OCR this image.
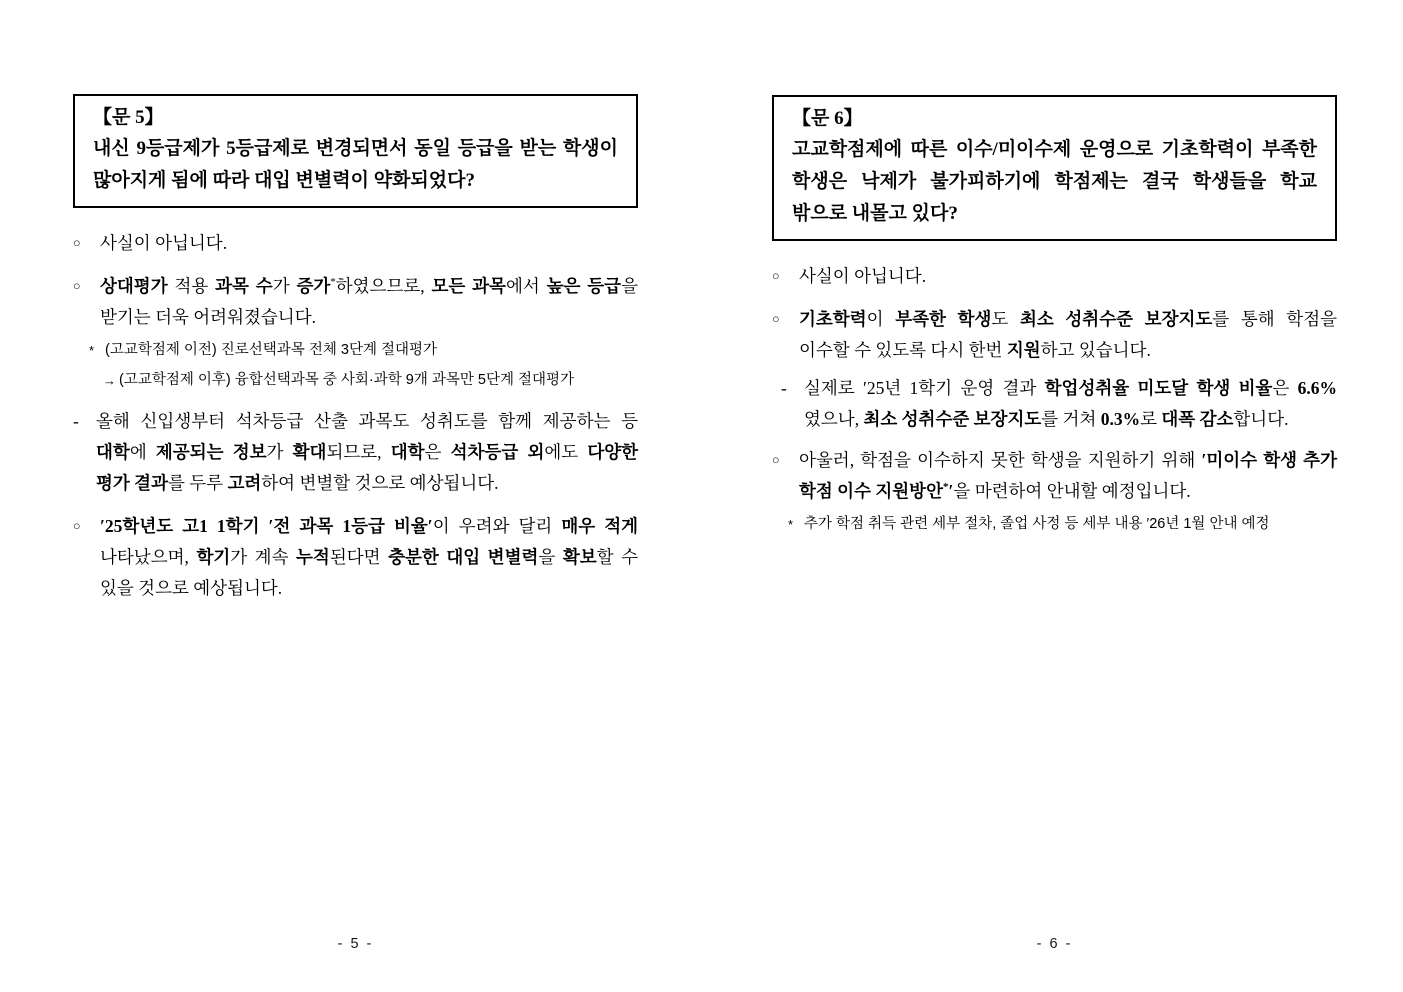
【문 5】
내신 9등급제가 5등급제로 변경되면서 동일 등급을 받는 학생이 많아지게 됨에 따라 대입 변별력이 약화되었다?
○	사실이 아닙니다.
○	상대평가 적용 과목 수가 증가*하였으므로, 모든 과목에서 높은 등급을 받기는 더욱 어려워졌습니다.
* (고교학점제 이전) 진로선택과목 전체 3단계 절대평가
→ (고교학점제 이후) 융합선택과목 중 사회·과학 9개 과목만 5단계 절대평가
- 올해 신입생부터 석차등급 산출 과목도 성취도를 함께 제공하는 등 대학에 제공되는 정보가 확대되므로, 대학은 석차등급 외에도 다양한 평가 결과를 두루 고려하여 변별할 것으로 예상됩니다.
○	′25학년도 고1 1학기 ′전 과목 1등급 비율′이 우려와 달리 매우 적게 나타났으며, 학기가 계속 누적된다면 충분한 대입 변별력을 확보할 수 있을 것으로 예상됩니다.
- 5 -
【문 6】
고교학점제에 따른 이수/미이수제 운영으로 기초학력이 부족한 학생은 낙제가 불가피하기에 학점제는 결국 학생들을 학교 밖으로 내몰고 있다?
○	사실이 아닙니다.
○	기초학력이 부족한 학생도 최소 성취수준 보장지도를 통해 학점을 이수할 수 있도록 다시 한번 지원하고 있습니다.
- 실제로 ′25년 1학기 운영 결과 학업성취율 미도달 학생 비율은 6.6%였으나, 최소 성취수준 보장지도를 거쳐 0.3%로 대폭 감소합니다.
○	아울러, 학점을 이수하지 못한 학생을 지원하기 위해 ′미이수 학생 추가 학점 이수 지원방안*′을 마련하여 안내할 예정입니다.
* 추가 학점 취득 관련 세부 절차, 졸업 사정 등 세부 내용 ′26년 1월 안내 예정
- 6 -
